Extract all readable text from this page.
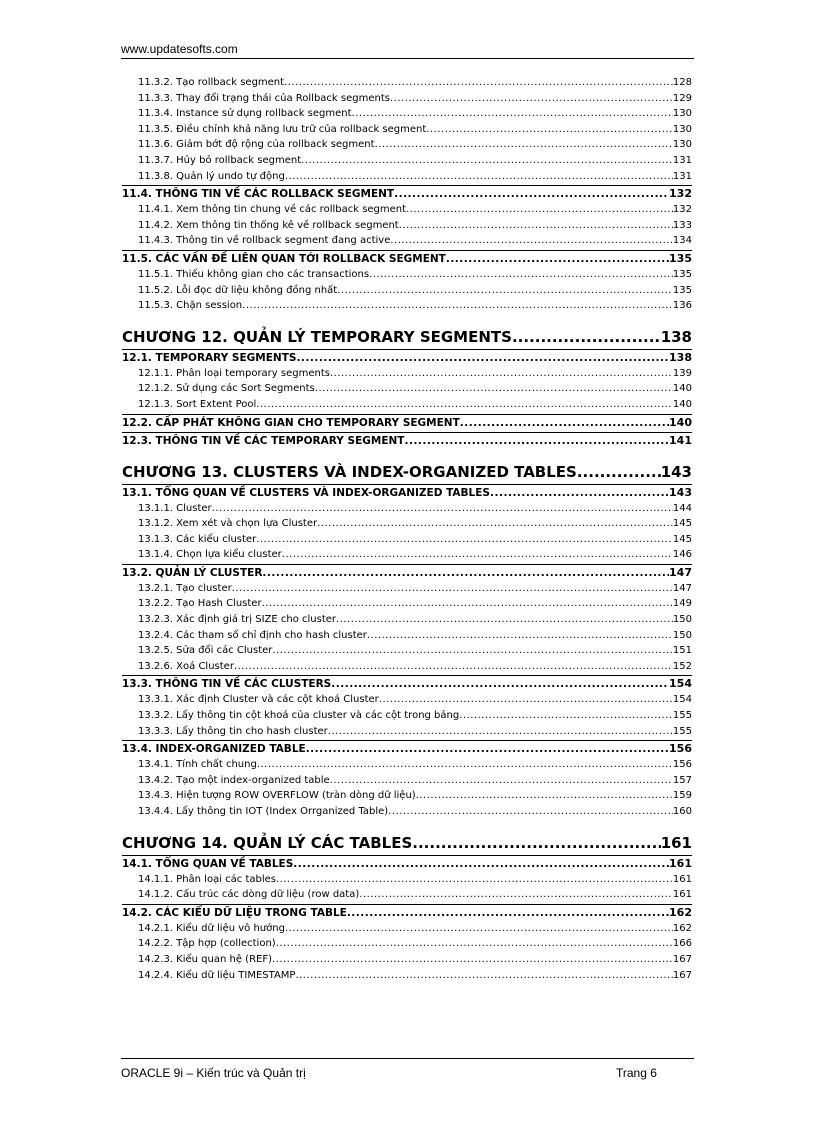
www.updatesofts.com
11.3.2. Tạo rollback segment .....	128
11.3.3. Thay đổi trạng thái của Rollback segments .....	129
11.3.4. Instance sử dụng rollback segment .....	130
11.3.5. Điều chỉnh khả năng lưu trữ của rollback segment .....	130
11.3.6. Giảm bớt độ rộng của rollback segment .....	130
11.3.7. Hủy bỏ rollback segment .....	131
11.3.8. Quản lý undo tự động .....	131
11.4. THÔNG TIN VỀ CÁC ROLLBACK SEGMENT .....	132
11.4.1. Xem thông tin chung về các rollback segment .....	132
11.4.2. Xem thông tin thống kê về rollback segment .....	133
11.4.3. Thông tin về rollback segment đang active .....	134
11.5. CÁC VẤN ĐỀ LIÊN QUAN TỚI ROLLBACK SEGMENT .....	135
11.5.1. Thiếu không gian cho các transactions .....	135
11.5.2. Lỗi đọc dữ liệu không đồng nhất .....	135
11.5.3. Chặn session .....	136
CHƯƠNG 12. QUẢN LÝ TEMPORARY SEGMENTS .....	138
12.1. TEMPORARY SEGMENTS .....	138
12.1.1. Phân loại temporary segments .....	139
12.1.2. Sử dụng các Sort Segments .....	140
12.1.3. Sort Extent Pool .....	140
12.2. CẤP PHÁT KHÔNG GIAN CHO TEMPORARY SEGMENT .....	140
12.3. THÔNG TIN VỀ CÁC TEMPORARY SEGMENT .....	141
CHƯƠNG 13. CLUSTERS VÀ INDEX-ORGANIZED TABLES .....	143
13.1. TỔNG QUAN VỀ CLUSTERS VÀ INDEX-ORGANIZED TABLES .....	143
13.1.1. Cluster .....	144
13.1.2. Xem xét và chọn lựa Cluster .....	145
13.1.3. Các kiểu cluster .....	145
13.1.4. Chọn lựa kiểu cluster .....	146
13.2. QUẢN LÝ CLUSTER .....	147
13.2.1. Tạo cluster .....	147
13.2.2. Tạo Hash Cluster .....	149
13.2.3. Xác định giá trị SIZE cho cluster .....	150
13.2.4. Các tham số chỉ định cho hash cluster .....	150
13.2.5. Sửa đổi các Cluster .....	151
13.2.6. Xoá Cluster .....	152
13.3. THÔNG TIN VỀ CÁC CLUSTERS .....	154
13.3.1. Xác định Cluster và các cột khoá Cluster .....	154
13.3.2. Lấy thông tin cột khoá của cluster và các cột trong bảng .....	155
13.3.3. Lấy thông tin cho hash cluster .....	155
13.4. INDEX-ORGANIZED TABLE .....	156
13.4.1. Tính chất chung .....	156
13.4.2. Tạo một index-organized table .....	157
13.4.3. Hiện tượng ROW OVERFLOW (tràn dòng dữ liệu) .....	159
13.4.4. Lấy thông tin IOT (Index Orrganized Table) .....	160
CHƯƠNG 14. QUẢN LÝ CÁC TABLES .....	161
14.1. TỔNG QUAN VỀ TABLES .....	161
14.1.1. Phân loại các tables .....	161
14.1.2. Cấu trúc các dòng dữ liệu (row data) .....	161
14.2. CÁC KIỂU DỮ LIỆU TRONG TABLE .....	162
14.2.1. Kiểu dữ liệu vô hướng .....	162
14.2.2. Tập hợp (collection) .....	166
14.2.3. Kiểu quan hệ (REF) .....	167
14.2.4. Kiểu dữ liệu TIMESTAMP .....	167
ORACLE 9i – Kiến trúc và Quản trị	Trang 6
